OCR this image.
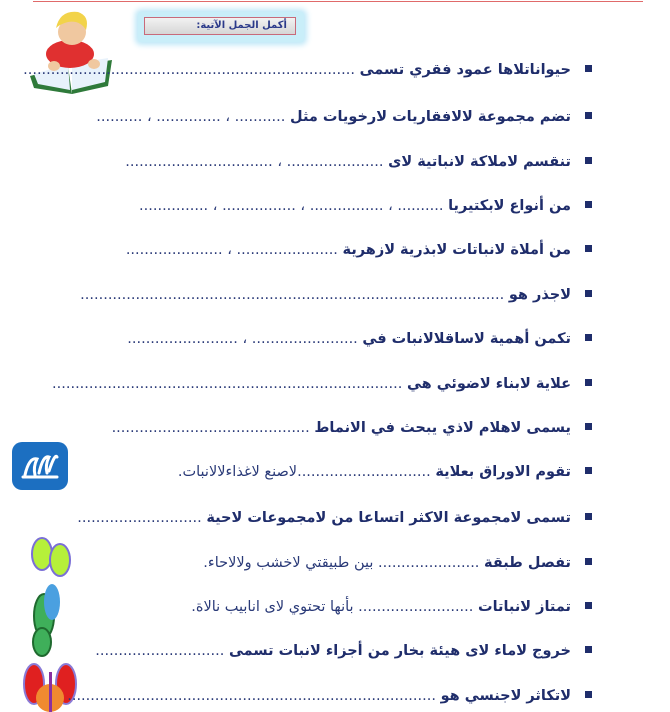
أكمل الجمل الآتية:
حيواناتلاها عمود فقري تسمى ........................................................................
تضم مجموعة لالافقاريات لارخويات مثل ........... ، .............. ، ..........
تنقسم لاملاكة لانباتية لاى ..................... ، ................................
من أنواع لابكتيريا .......... ، ................ ، ................ ، ...............
من أملاة لانباتات لابذرية لازهرية ...................... ، .....................
لاجذر هو ............................................................................................
تكمن أهمية لاساقلالانبات في ....................... ، ........................
علاية لابناء لاضوئي هي ............................................................................
يسمى لاهلام لاذي يبحث في الانماط ...........................................
تقوم الاوراق بعلاية .............................لاصنع لاغذاءلالانبات.
تسمى لامجموعة الاكثر اتساعا من لامجموعات لاحية ...........................
تفصل طبقة ...................... بين طبيقتي لاخشب ولالاحاء.
تمتاز لانباتات ......................... بأنها تحتوي لاى انابيب نالاة.
خروج لاماء لاى هيئة بخار من أجزاء لانبات تسمى ............................
لاتكاثر لاجنسي هو ................................................................................
